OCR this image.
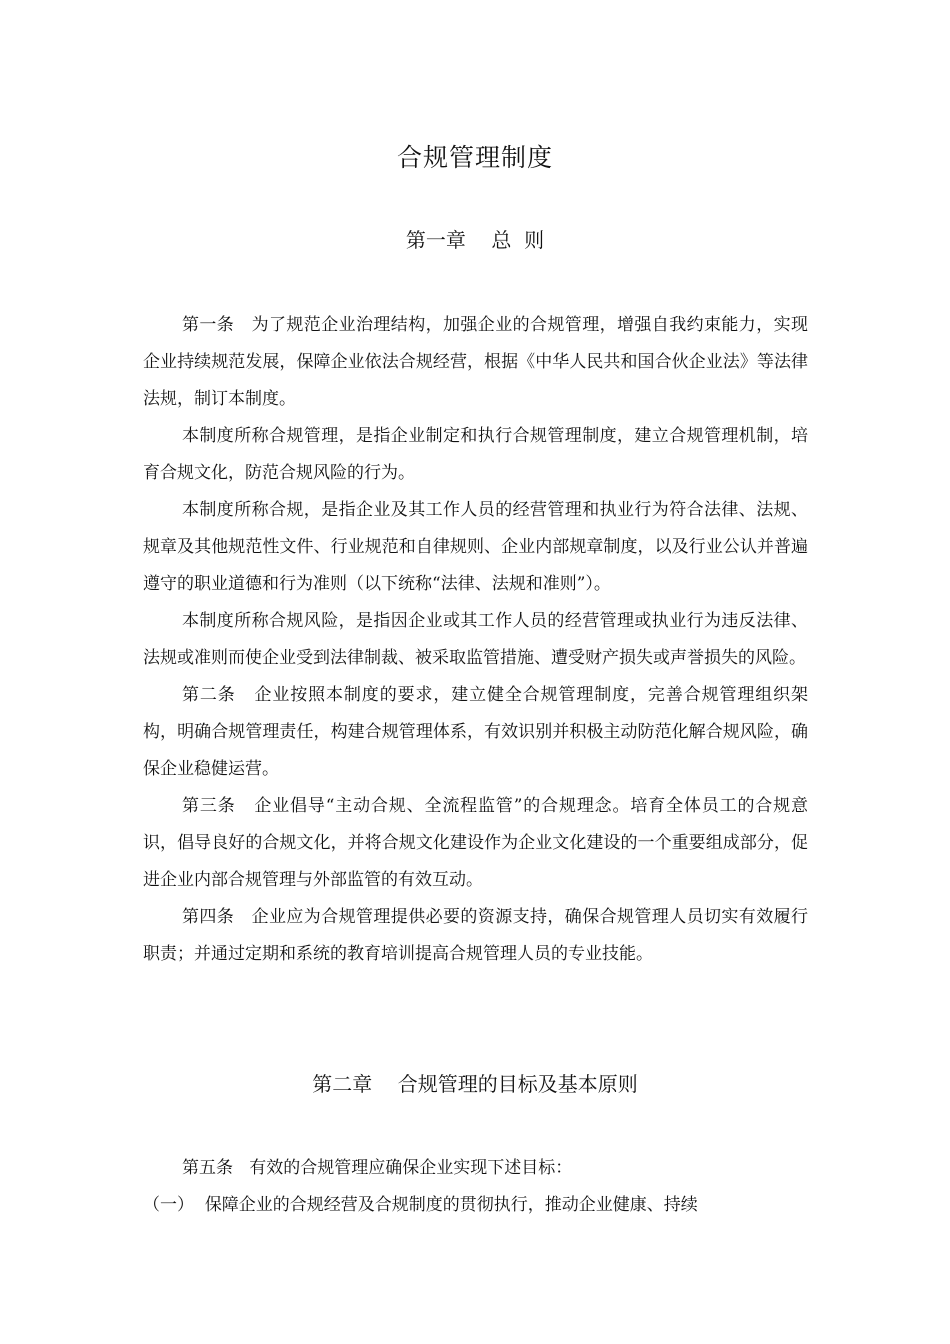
合规管理制度
第一章    总  则

第一条   为了规范企业治理结构，加强企业的合规管理，增强自我约束能力，实现企业持续规范发展，保障企业依法合规经营，根据《中华人民共和国合伙企业法》等法律法规，制订本制度。

本制度所称合规管理，是指企业制定和执行合规管理制度，建立合规管理机制，培育合规文化，防范合规风险的行为。

本制度所称合规，是指企业及其工作人员的经营管理和执业行为符合法律、法规、规章及其他规范性文件、行业规范和自律规则、企业内部规章制度，以及行业公认并普遍遵守的职业道德和行为准则（以下统称“法律、法规和准则”）。

本制度所称合规风险，是指因企业或其工作人员的经营管理或执业行为违反法律、法规或准则而使企业受到法律制裁、被采取监管措施、遭受财产损失或声誉损失的风险。

第二条   企业按照本制度的要求，建立健全合规管理制度，完善合规管理组织架构，明确合规管理责任，构建合规管理体系，有效识别并积极主动防范化解合规风险，确保企业稳健运营。

第三条   企业倡导“主动合规、全流程监管”的合规理念。培育全体员工的合规意识，倡导良好的合规文化，并将合规文化建设作为企业文化建设的一个重要组成部分，促进企业内部合规管理与外部监管的有效互动。

第四条   企业应为合规管理提供必要的资源支持，确保合规管理人员切实有效履行职责；并通过定期和系统的教育培训提高合规管理人员的专业技能。

第二章    合规管理的目标及基本原则

第五条   有效的合规管理应确保企业实现下述目标：

（一）  保障企业的合规经营及合规制度的贯彻执行，推动企业健康、持续
